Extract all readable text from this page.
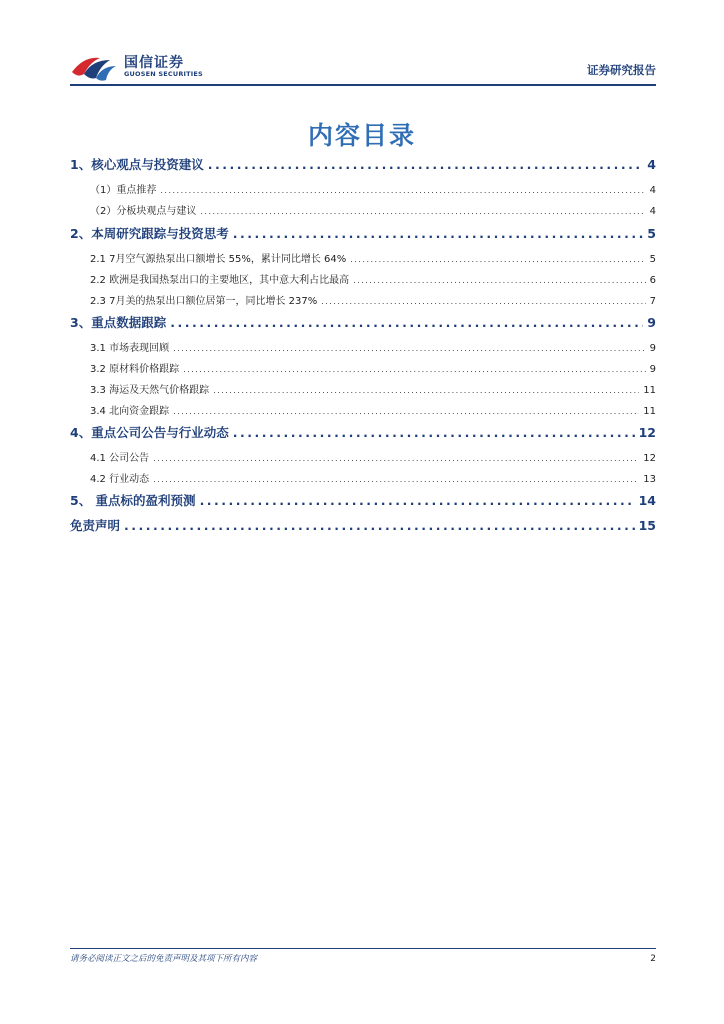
国信证券
GUOSEN SECURITIES	证券研究报告
内容目录
1、核心观点与投资建议 .....	4
（1）重点推荐 .....	4
（2）分板块观点与建议 .....	4
2、本周研究跟踪与投资思考 .....	5
2.1 7月空气源热泵出口额增长 55%，累计同比增长 64% .....	5
2.2 欧洲是我国热泵出口的主要地区，其中意大利占比最高 .....	6
2.3 7月美的热泵出口额位居第一，同比增长 237% .....	7
3、重点数据跟踪 .....	9
3.1 市场表现回顾 .....	9
3.2 原材料价格跟踪 .....	9
3.3 海运及天然气价格跟踪 .....	11
3.4 北向资金跟踪 .....	11
4、重点公司公告与行业动态 .....	12
4.1 公司公告 .....	12
4.2 行业动态 .....	13
5、 重点标的盈利预测 .....	14
免责声明 .....	15
请务必阅读正文之后的免责声明及其项下所有内容	2
